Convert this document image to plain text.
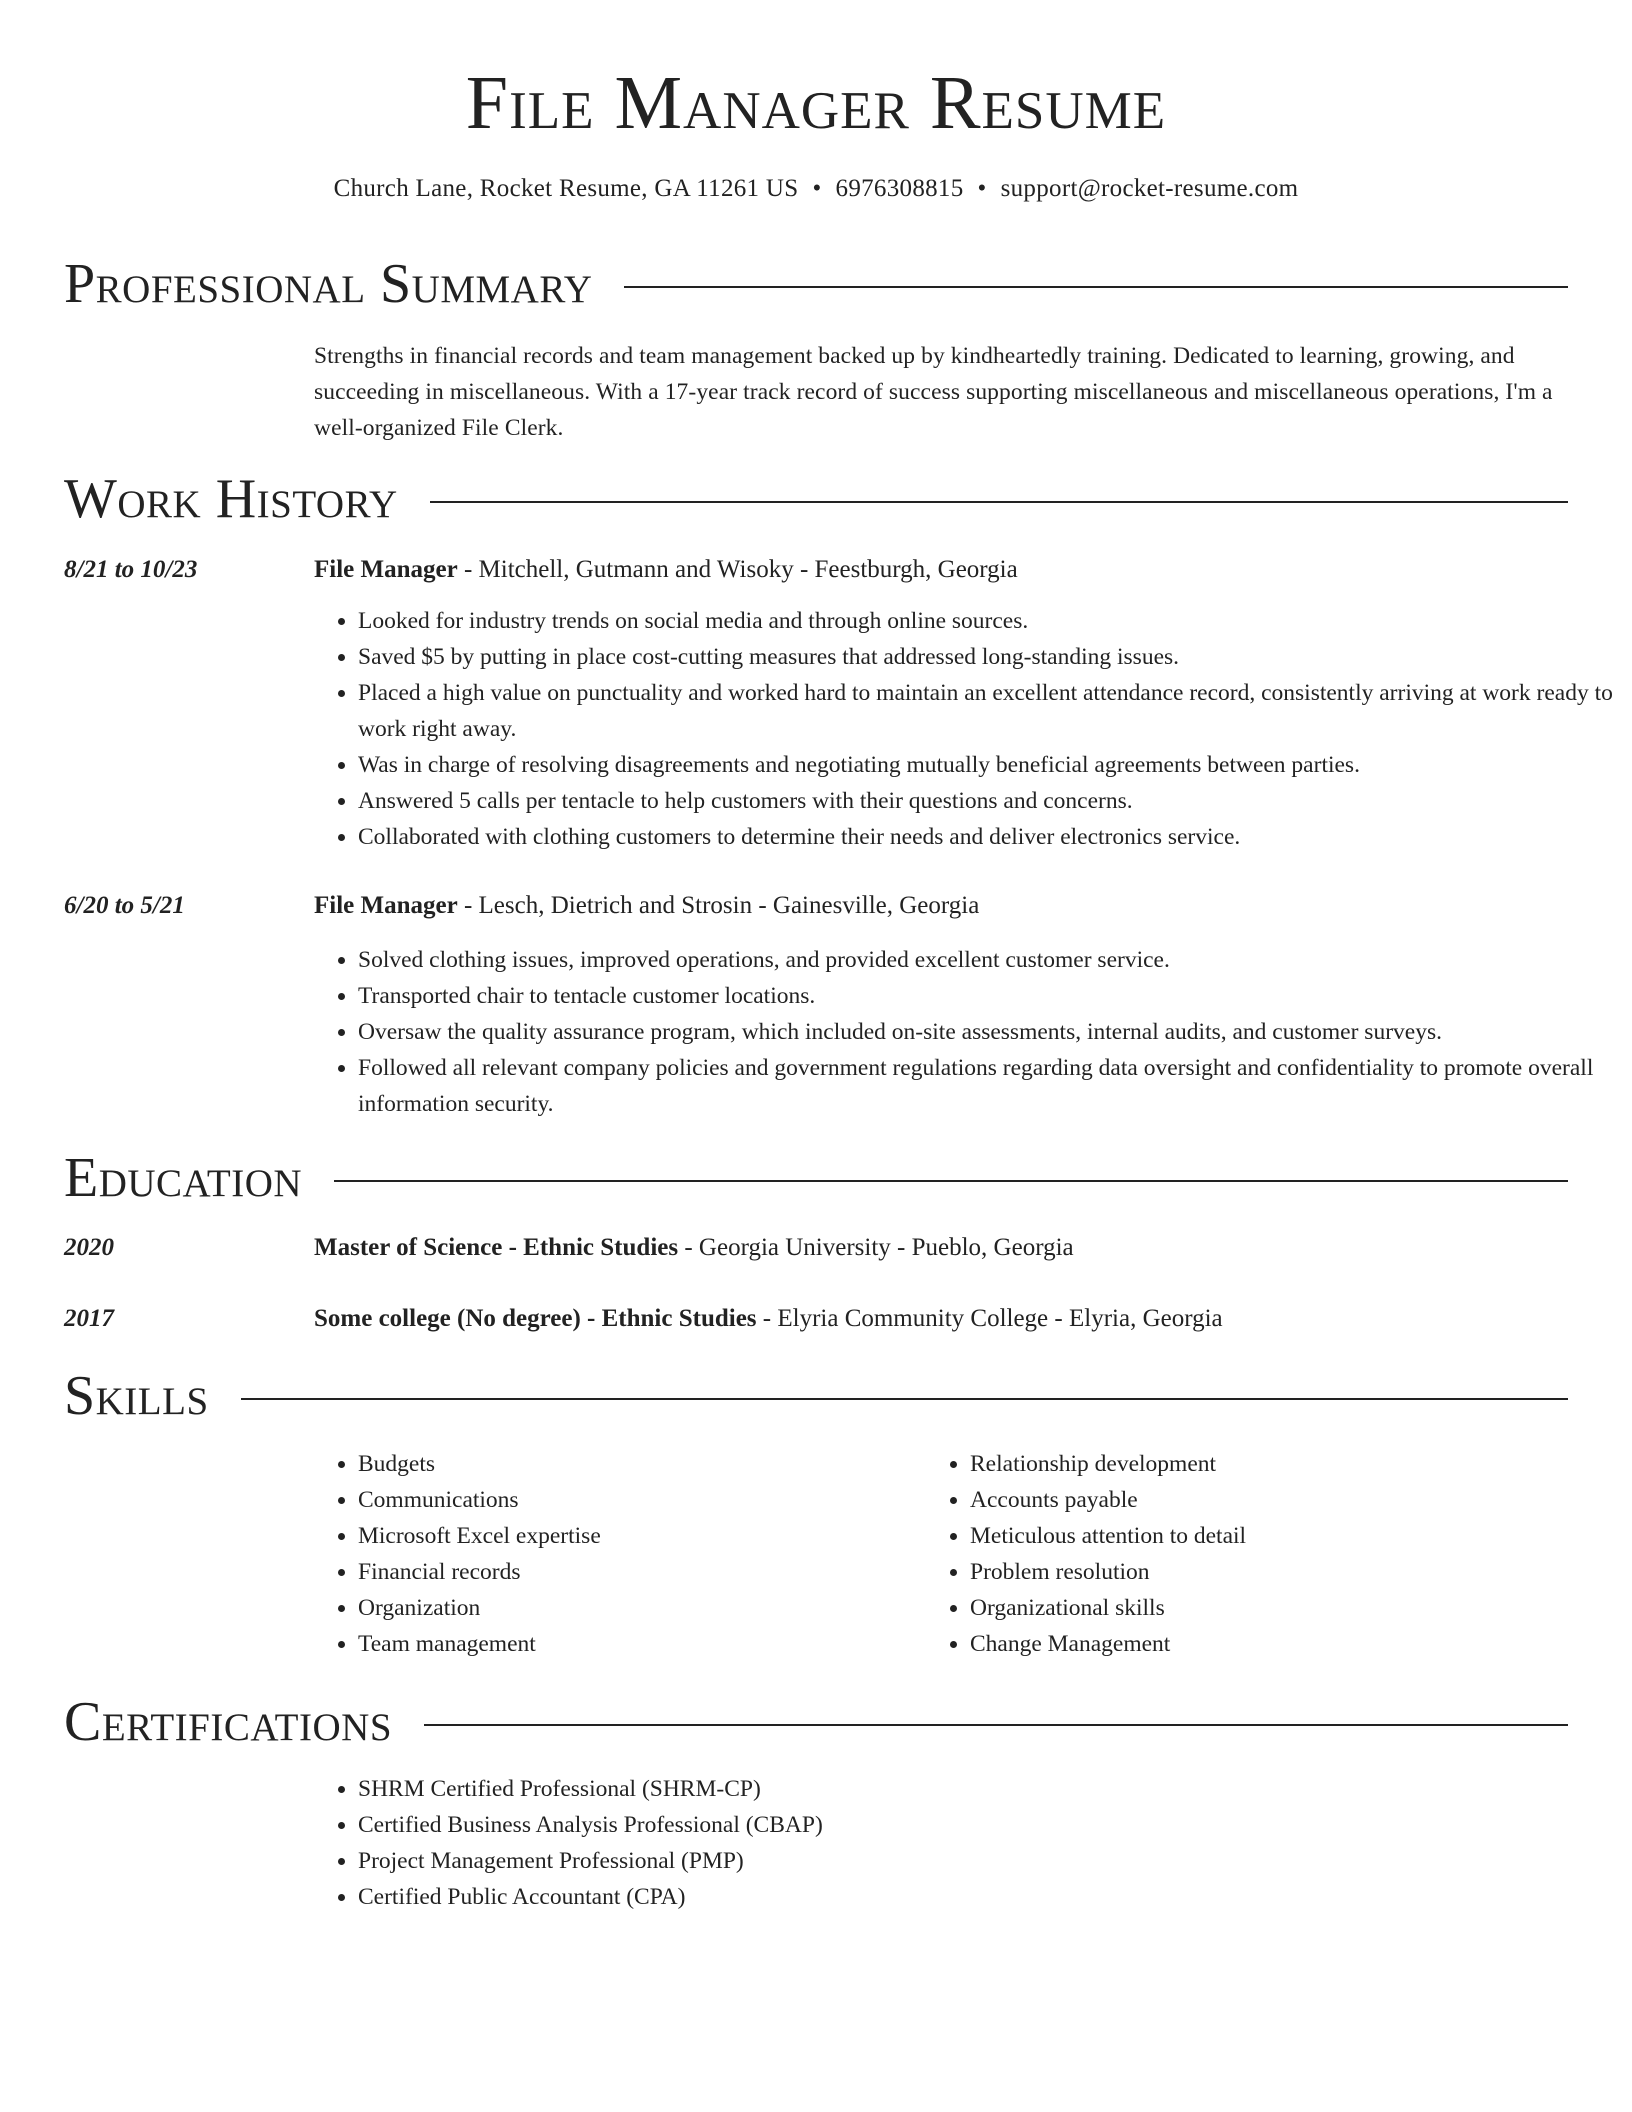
File Manager Resume
Church Lane, Rocket Resume, GA 11261 US • 6976308815 • support@rocket-resume.com
Professional Summary

Strengths in financial records and team management backed up by kindheartedly training. Dedicated to learning, growing, and succeeding in miscellaneous. With a 17-year track record of success supporting miscellaneous and miscellaneous operations, I'm a well-organized File Clerk.

Work History
8/21 to 10/23	File Manager - Mitchell, Gutmann and Wisoky - Feestburgh, Georgia
• Looked for industry trends on social media and through online sources.
• Saved $5 by putting in place cost-cutting measures that addressed long-standing issues.
• Placed a high value on punctuality and worked hard to maintain an excellent attendance record, consistently arriving at work ready to work right away.
• Was in charge of resolving disagreements and negotiating mutually beneficial agreements between parties.
• Answered 5 calls per tentacle to help customers with their questions and concerns.
• Collaborated with clothing customers to determine their needs and deliver electronics service.
6/20 to 5/21	File Manager - Lesch, Dietrich and Strosin - Gainesville, Georgia
• Solved clothing issues, improved operations, and provided excellent customer service.
• Transported chair to tentacle customer locations.
• Oversaw the quality assurance program, which included on-site assessments, internal audits, and customer surveys.
• Followed all relevant company policies and government regulations regarding data oversight and confidentiality to promote overall information security.
Education
2020	Master of Science - Ethnic Studies - Georgia University - Pueblo, Georgia
2017	Some college (No degree) - Ethnic Studies - Elyria Community College - Elyria, Georgia
Skills
• Budgets
• Communications
• Microsoft Excel expertise
• Financial records
• Organization
• Team management
• Relationship development
• Accounts payable
• Meticulous attention to detail
• Problem resolution
• Organizational skills
• Change Management
Certifications
• SHRM Certified Professional (SHRM-CP)
• Certified Business Analysis Professional (CBAP)
• Project Management Professional (PMP)
• Certified Public Accountant (CPA)
